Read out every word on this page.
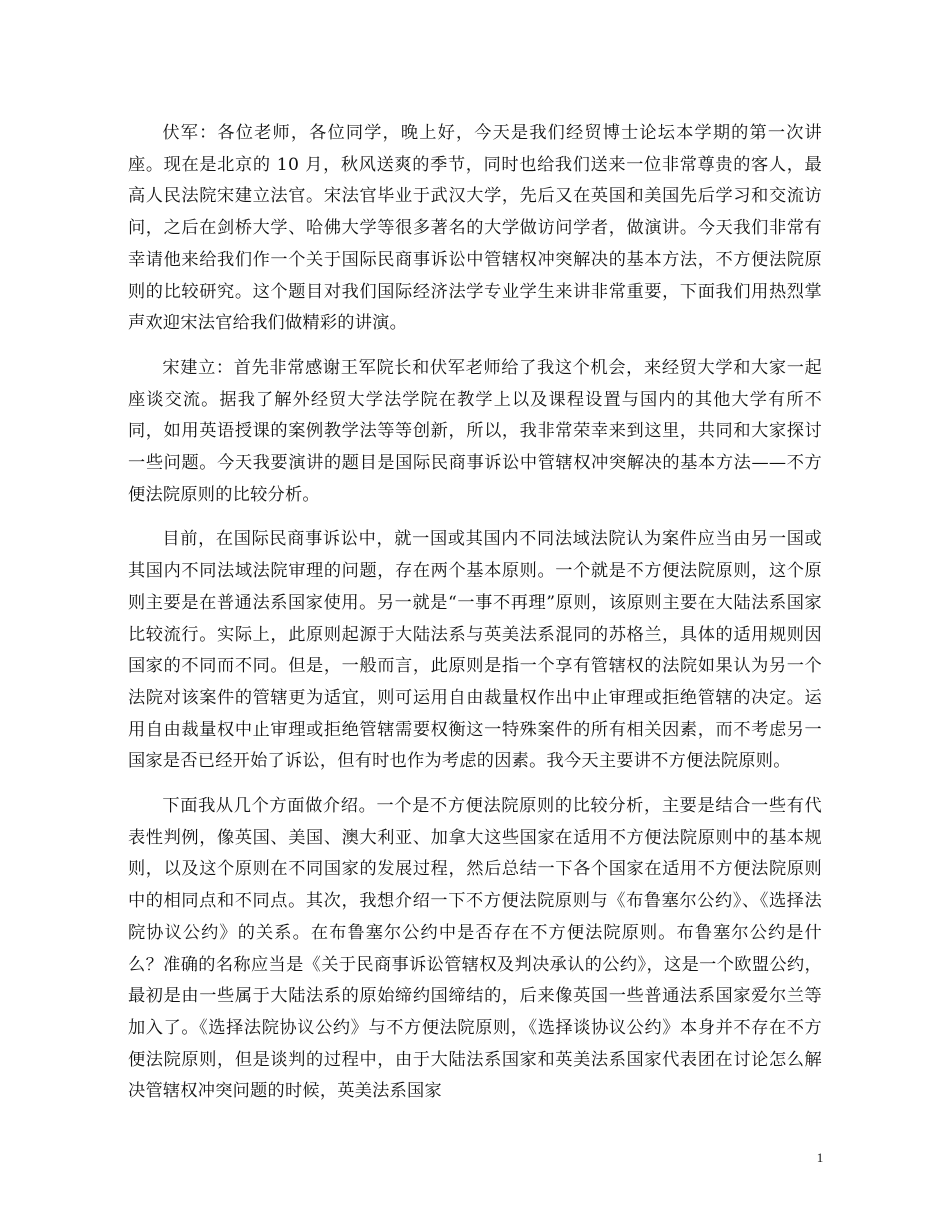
伏军：各位老师，各位同学，晚上好，今天是我们经贸博士论坛本学期的第一次讲座。现在是北京的 10 月，秋风送爽的季节，同时也给我们送来一位非常尊贵的客人，最高人民法院宋建立法官。宋法官毕业于武汉大学，先后又在英国和美国先后学习和交流访问，之后在剑桥大学、哈佛大学等很多著名的大学做访问学者，做演讲。今天我们非常有幸请他来给我们作一个关于国际民商事诉讼中管辖权冲突解决的基本方法，不方便法院原则的比较研究。这个题目对我们国际经济法学专业学生来讲非常重要，下面我们用热烈掌声欢迎宋法官给我们做精彩的讲演。

宋建立：首先非常感谢王军院长和伏军老师给了我这个机会，来经贸大学和大家一起座谈交流。据我了解外经贸大学法学院在教学上以及课程设置与国内的其他大学有所不同，如用英语授课的案例教学法等等创新，所以，我非常荣幸来到这里，共同和大家探讨一些问题。今天我要演讲的题目是国际民商事诉讼中管辖权冲突解决的基本方法——不方便法院原则的比较分析。

目前，在国际民商事诉讼中，就一国或其国内不同法域法院认为案件应当由另一国或其国内不同法域法院审理的问题，存在两个基本原则。一个就是不方便法院原则，这个原则主要是在普通法系国家使用。另一就是“一事不再理”原则，该原则主要在大陆法系国家比较流行。实际上，此原则起源于大陆法系与英美法系混同的苏格兰，具体的适用规则因国家的不同而不同。但是，一般而言，此原则是指一个享有管辖权的法院如果认为另一个法院对该案件的管辖更为适宜，则可运用自由裁量权作出中止审理或拒绝管辖的决定。运用自由裁量权中止审理或拒绝管辖需要权衡这一特殊案件的所有相关因素，而不考虑另一国家是否已经开始了诉讼，但有时也作为考虑的因素。我今天主要讲不方便法院原则。

下面我从几个方面做介绍。一个是不方便法院原则的比较分析，主要是结合一些有代表性判例，像英国、美国、澳大利亚、加拿大这些国家在适用不方便法院原则中的基本规则，以及这个原则在不同国家的发展过程，然后总结一下各个国家在适用不方便法院原则中的相同点和不同点。其次，我想介绍一下不方便法院原则与《布鲁塞尔公约》、《选择法院协议公约》的关系。在布鲁塞尔公约中是否存在不方便法院原则。布鲁塞尔公约是什么？准确的名称应当是《关于民商事诉讼管辖权及判决承认的公约》，这是一个欧盟公约，最初是由一些属于大陆法系的原始缔约国缔结的，后来像英国一些普通法系国家爱尔兰等加入了。《选择法院协议公约》与不方便法院原则，《选择谈协议公约》本身并不存在不方便法院原则，但是谈判的过程中，由于大陆法系国家和英美法系国家代表团在讨论怎么解决管辖权冲突问题的时候，英美法系国家

1
